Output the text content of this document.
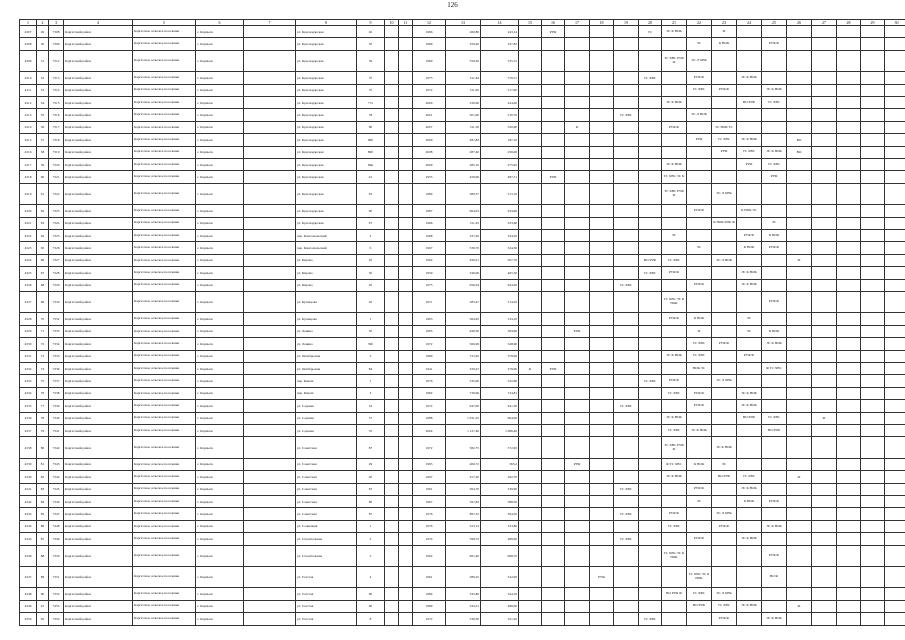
126
1	2	3	4	5	6	7	8	9	10	11	12	13	14	15	16	17	18	19	20	21	22	23	24	25	26	27	28	29	30
4307	49	7308	Каргатский район	Каргатское сельское поселение	с. Карпыск		ул. Краснодарская	4б			1966	260,80	243,14		РУФ				ТС	ЭС К НОК		Ф							
4308	50	7309	Каргатский район	Каргатское сельское поселение	с. Карпыск		ул. Краснодарская	5б			1966	359,40	327,83								ЭС	К НОК		РУФ Ф					
4309	51	7312	Каргатский район	Каргатское сельское поселение	с. Карпыск		ул. Краснодарская	59			1969	559,30	535,15							ТС ХВС РУФ Ф	ЭС Л ХВК								
4310	52	7313	Каргатский район	Каргатское сельское поселение	с. Карпыск		ул. Краснодарская	7б			1973	511,84	570,51						ТС ХВС		РУФ Ф		ЭС К НОК						
4311	53	7314	Каргатский район	Каргатское сельское поселение	с. Карпыск		ул. Краснодарская	7б			1972	511,95	517,00								ТС ХВС	РУФ Ф		ЭС К НОК					
4312	54	7315	Каргатский район	Каргатское сельское поселение	с. Карпыск		ул. Краснодарская	77а			2000	330,90	224,00							ЭС К НОК			ВО РУФ	ТС ХВС					
4313	55	7316	Каргатский район	Каргатское сельское поселение	с. Карпыск		ул. Краснодарская	78			2001	501,00	510,70					ТС ХВС			ЭС Л НОК								
4314	56	7317	Каргатский район	Каргатское сельское поселение	с. Карпыск		ул. Краснодарская	80			2007	511,50	520,90			К				РУФ Ф		ЭС НОК ТС							
4315	57	7318	Каргатский район	Каргатское сельское поселение	с. Карпыск		ул. Краснодарская	89б			2009	281,83	187,10								РУФ	ТС ХВС	ЭС К НОК		ВО				
4316	58	7319	Каргатский район	Каргатское сельское поселение	с. Карпыск		ул. Краснодарская	89б			2008	287,40	256,00									РУФ	ТС ХВС	ЭС К НОК	ВО				
4317	59	7320	Каргатский район	Каргатское сельское поселение	с. Карпыск		ул. Краснодарская	89в			2009	285,10	275,95							ЭС К НОК			РУФ	ТС ХВС					
4318	60	7321	Каргатский район	Каргатское сельское поселение	с. Карпыск		ул. Краснодарская	91			1955	459,96	487,51		РУФ					ТС ХВС ЭС К				РУФ					
4319	61	7322	Каргатский район	Каргатское сельское поселение	с. Карпыск		ул. Краснодарская	93			1980	580,57	513,10							ТС ХВС РУФ Ф		ЭС Л ХВК							
4320	62	7323	Каргатский район	Каргатское сельское поселение	с. Карпыск		ул. Краснодарская	9б			1987	964,03	934,96								РУФ Ф		К НОК ЭС						
4321	63	7324	Каргатский район	Каргатское сельское поселение	с. Карпыск		ул. Краснодарская	97			1966	311,45	323,66									К НОК РУФ Ф		ЭС					
4322	64	7325	Каргатский район	Каргатское сельское поселение	с. Карпыск		пер. Комсомольский	2			1968	337,26	324,20							ЭС			РУФ Ф	К НОК					
4323	65	7326	Каргатский район	Каргатское сельское поселение	с. Карпыск		пер. Комсомольский	б			1967	539,70	524,50								ЭС		К НОК	РУФ Ф					
4324	66	7327	Каргатский район	Каргатское сельское поселение	с. Карпыск		ул. Кирова	2б			1962	630,01	507,70						ВО РУФ	ТС ХВС		ЭС Л НОК			Ф				
4325	67	7328	Каргатский район	Каргатское сельское поселение	с. Карпыск		ул. Кирова	3б			1959	340,06	465,50						ТС ХВС	РУФ Ф			ЭС К НОК						
4326	68	7329	Каргатский район	Каргатское сельское поселение	с. Карпыск		ул. Кирова	2б			1975	956,04	944,20					ТС ХВС			РУФ Ф		ЭС К НОК						
4327	69	7330	Каргатский район	Каргатское сельское поселение	с. Карпыск		ул. Кузнецова	4б			1971	585,47	514,20							ТС ХВС ЭС К НОК				РУФ Ф					
4328	70	7332	Каргатский район	Каргатское сельское поселение	с. Карпыск		ул. Кузнецова	1			1963	564,65	534,10							РУФ Ф	К НОК		ЭС						
4329	71	7333	Каргатский район	Каргатское сельское поселение	с. Карпыск		ул. Ленина	3б			1965	649,50	584,60			РУФ					Ф		ЭС	К НОК					
4330	72	7334	Каргатский район	Каргатское сельское поселение	с. Карпыск		ул. Ленина	39б			1972	566,99	548,90								ТС ХВС	РУФ Ф		ЭС К НОК					
4331	73	7335	Каргатский район	Каргатское сельское поселение	с. Карпыск		ул. Октябрьская	3			1980	731,92	579,00							ЭС К НОК	ТС ХВС		РУФ Ф						
4332	74	7336	Каргатский район	Каргатское сельское поселение	с. Карпыск		ул. Октябрьская	84			1941	326,47	279,00	К	РУФ						НОК ЭС			Ф ТС ХВС					
4333	75	7337	Каргатский район	Каргатское сельское поселение	с. Карпыск		пер. Ремеш	1			1976	535,00	522,60						ТС ХВС	РУФ Ф		ЭС Л ХВК							
4334	76	7338	Каргатский район	Каргатское сельское поселение	с. Карпыск		пер. Ремеш	3			1982	736,96	724,81							ТС ХВС	РУФ Ф		ЭС К НОК						
4335	77	7339	Каргатский район	Каргатское сельское поселение	с. Карпыск		ул. Садовая	32			1972	947,00	941,30					ТС ХВС			РУФ Ф		ЭС К НОК						
4336	78	7340	Каргатский район	Каргатское сельское поселение	с. Карпыск		ул. Садовая	37			1988	1 031,25	964,00							ЭС К НОК			ВО РУФ	ТС ХВС		Ф			
4337	79	7341	Каргатский район	Каргатское сельское поселение	с. Карпыск		ул. Садовая	35			2004	1 127,46	1 089,40							ТС ХВС	ЭС К НОК			ВО РУФ					
4338	80	7342	Каргатский район	Каргатское сельское поселение	с. Карпыск		ул. Советская	87			1972	582,75	572,65							ТС ХВС РУФ Ф		ЭС К НОК							
4339	81	7343	Каргатский район	Каргатское сельское поселение	с. Карпыск		ул. Советская	29			1963	406,72	363,2			РУФ				Ф ТС ХВС	К НОК	ЭС							
4340	82	7344	Каргатский район	Каргатское сельское поселение	с. Карпыск		ул. Советская	4б			1997	257,20	292,70							ЭС К НОК		ВО РУФ	ТС ХВС		Ф				
4341	83	7345	Каргатский район	Каргатское сельское поселение	с. Карпыск		ул. Советская	81			1991	564,70	539,90					ТС ХВС			РУФ Ф		ЭС К НОК						
4342	84	7346	Каргатский район	Каргатское сельское поселение	с. Карпыск		ул. Советская	8б			1967	591,83	588,50								ЭС		К НОК	РУФ Ф					
4343	85	7347	Каргатский район	Каргатское сельское поселение	с. Карпыск		ул. Советская	87			1976	897,55	394,50					ТС ХВС		РУФ Ф		ЭС Л ХВК							
4344	86	7348	Каргатский район	Каргатское сельское поселение	с. Карпыск		ул. Солнечная	1			1976	523,14	523,80							ТС ХВС		РУФ Ф		ЭС К НОК					
4345	87	7349	Каргатский район	Каргатское сельское поселение	с. Карпыск		ул. Строительная	3			1974	599,72	489,00					ТС ХВС			РУФ Ф		ЭС К НОК						
4346	88	7350	Каргатский район	Каргатское сельское поселение	с. Карпыск		ул. Строительная	5			1962	961,40	998,70							ТС ХВС ЭС К НОК				РУФ Ф					
4347	89	7351	Каргатский район	Каргатское сельское поселение	с. Карпыск		ул. Толстая	4			1961	589,25	522,00				РУФ				ТС ХВС ЭС К НОК			ВО Ф					
4348	90	7352	Каргатский район	Каргатское сельское поселение	с. Карпыск		ул. Толстая	6б			1984	545,80	544,10							ВО РУФ Ф	ТС ХВС	ЭС Л ХВК							
4349	91	7353	Каргатский район	Каргатское сельское поселение	с. Карпыск		ул. Толстая	6б			1989	545,01	486,00								ВО РУФ	ТС ХВС	ЭС К НОК		Ф				
4350	92	7354	Каргатский район	Каргатское сельское поселение	с. Карпыск		ул. Толстая	8			1972	536,30	521,20						ТС ХВС			РУФ Ф		ЭС К НОК					
